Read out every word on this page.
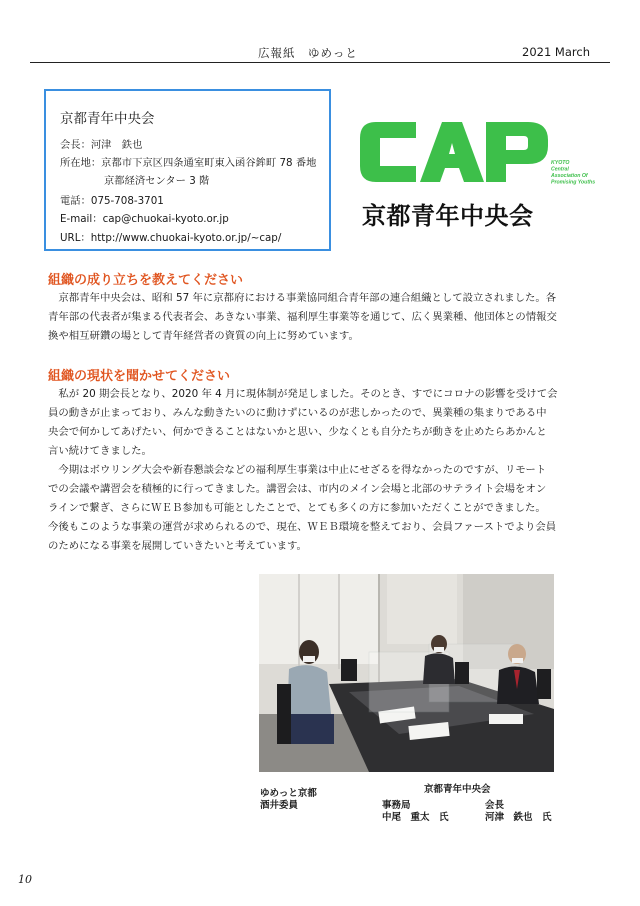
広報紙　ゆめっと	2021 March
京都青年中央会
会長：河津　鉄也
所在地：京都市下京区四条通室町東入函谷鉾町 78 番地
京都経済センター 3 階
電話：075-708-3701
E-mail：cap@chuokai-kyoto.or.jp
URL：http://www.chuokai-kyoto.or.jp/~cap/
KYOTO
Central
Association Of
Promising Youths
京都青年中央会
組織の成り立ちを教えてください
　京都青年中央会は、昭和 57 年に京都府における事業協同組合青年部の連合組織として設立されました。各
青年部の代表者が集まる代表者会、あきない事業、福利厚生事業等を通じて、広く異業種、他団体との情報交
換や相互研鑽の場として青年経営者の資質の向上に努めています。
組織の現状を聞かせてください
　私が 20 期会長となり、2020 年 4 月に現体制が発足しました。そのとき、すでにコロナの影響を受けて会
員の動きが止まっており、みんな動きたいのに動けずにいるのが悲しかったので、異業種の集まりである中
央会で何かしてあげたい、何かできることはないかと思い、少なくとも自分たちが動きを止めたらあかんと
言い続けてきました。
　今期はボウリング大会や新春懇談会などの福利厚生事業は中止にせざるを得なかったのですが、リモート
での会議や講習会を積極的に行ってきました。講習会は、市内のメイン会場と北部のサテライト会場をオン
ラインで繋ぎ、さらにＷＥＢ参加も可能としたことで、とても多くの方に参加いただくことができました。
今後もこのような事業の運営が求められるので、現在、ＷＥＢ環境を整えており、会員ファーストでより会員
のためになる事業を展開していきたいと考えています。
ゆめっと京都
酒井委員
京都青年中央会
事務局
中尾　重太　氏
会長
河津　鉄也　氏
10
